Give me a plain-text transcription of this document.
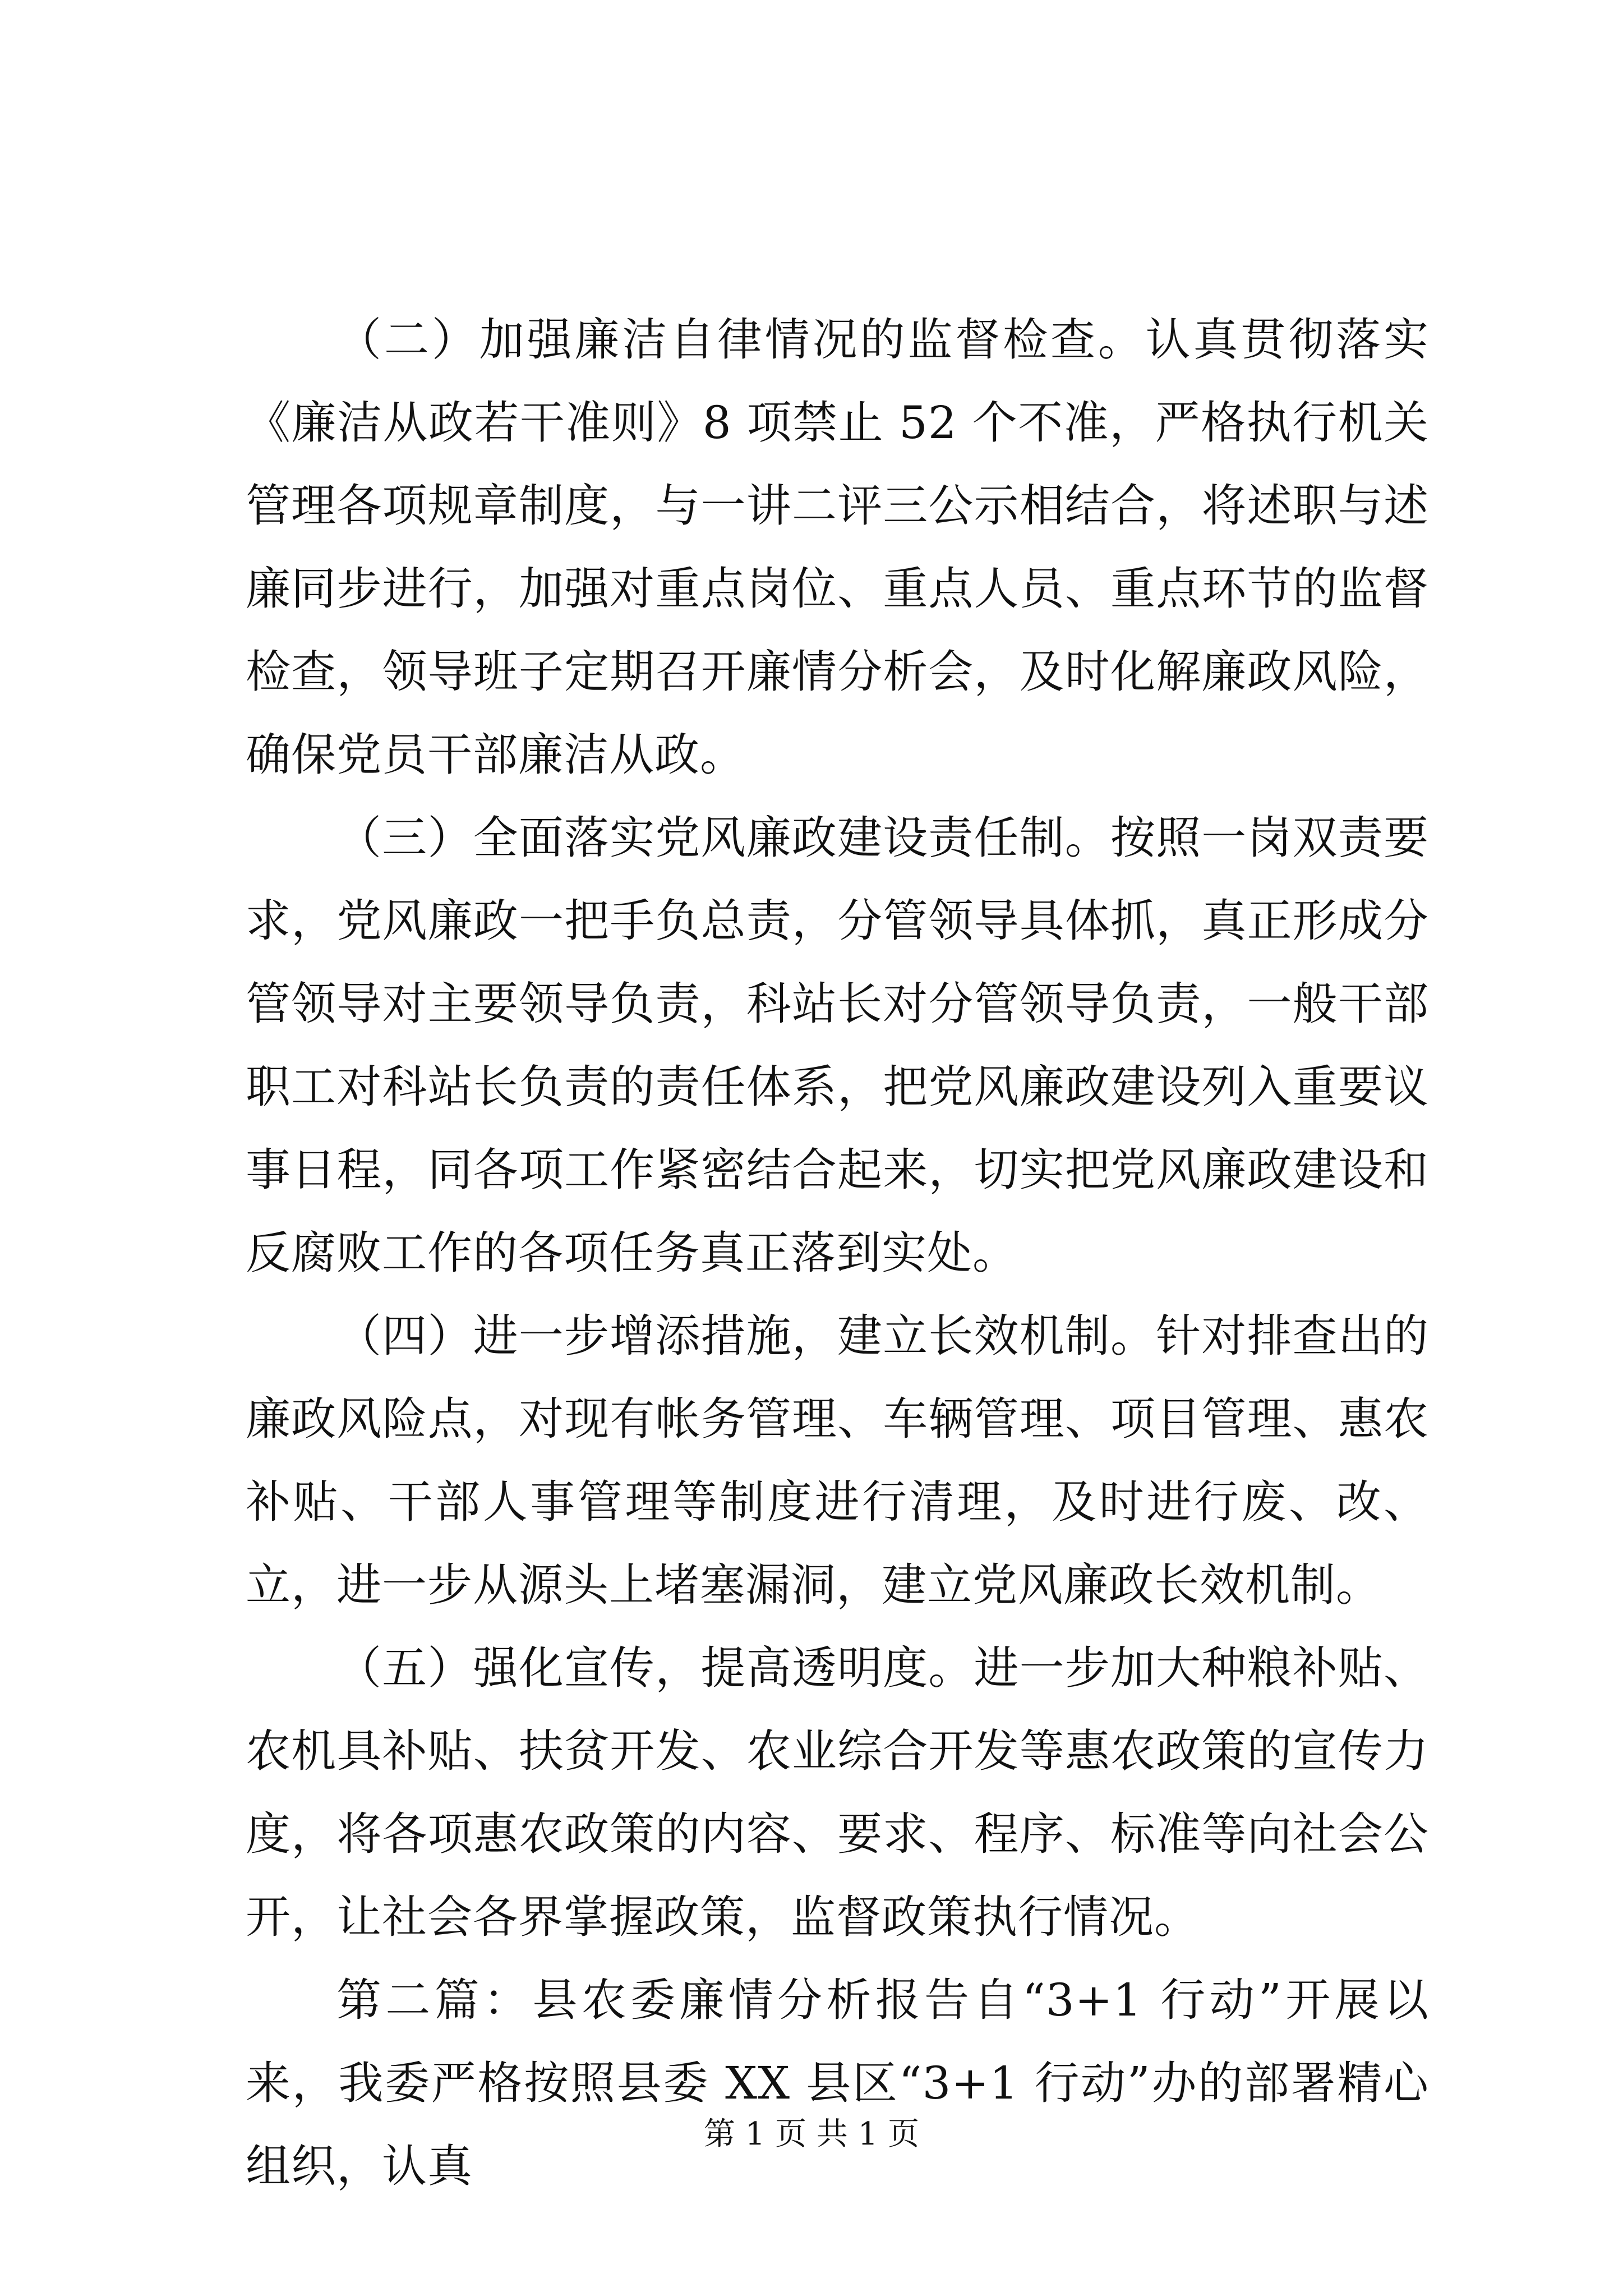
（二）加强廉洁自律情况的监督检查。认真贯彻落实《廉洁从政若干准则》8 项禁止 52 个不准，严格执行机关管理各项规章制度，与一讲二评三公示相结合，将述职与述廉同步进行，加强对重点岗位、重点人员、重点环节的监督检查，领导班子定期召开廉情分析会，及时化解廉政风险，确保党员干部廉洁从政。

（三）全面落实党风廉政建设责任制。按照一岗双责要求，党风廉政一把手负总责，分管领导具体抓，真正形成分管领导对主要领导负责，科站长对分管领导负责，一般干部职工对科站长负责的责任体系，把党风廉政建设列入重要议事日程，同各项工作紧密结合起来，切实把党风廉政建设和反腐败工作的各项任务真正落到实处。

（四）进一步增添措施，建立长效机制。针对排查出的廉政风险点，对现有帐务管理、车辆管理、项目管理、惠农补贴、干部人事管理等制度进行清理，及时进行废、改、立，进一步从源头上堵塞漏洞，建立党风廉政长效机制。

（五）强化宣传，提高透明度。进一步加大种粮补贴、农机具补贴、扶贫开发、农业综合开发等惠农政策的宣传力度，将各项惠农政策的内容、要求、程序、标准等向社会公开，让社会各界掌握政策，监督政策执行情况。

第二篇：县农委廉情分析报告自“3+1 行动”开展以来，我委严格按照县委 XX 县区“3+1 行动”办的部署精心组织，认真

第 1 页 共 1 页
